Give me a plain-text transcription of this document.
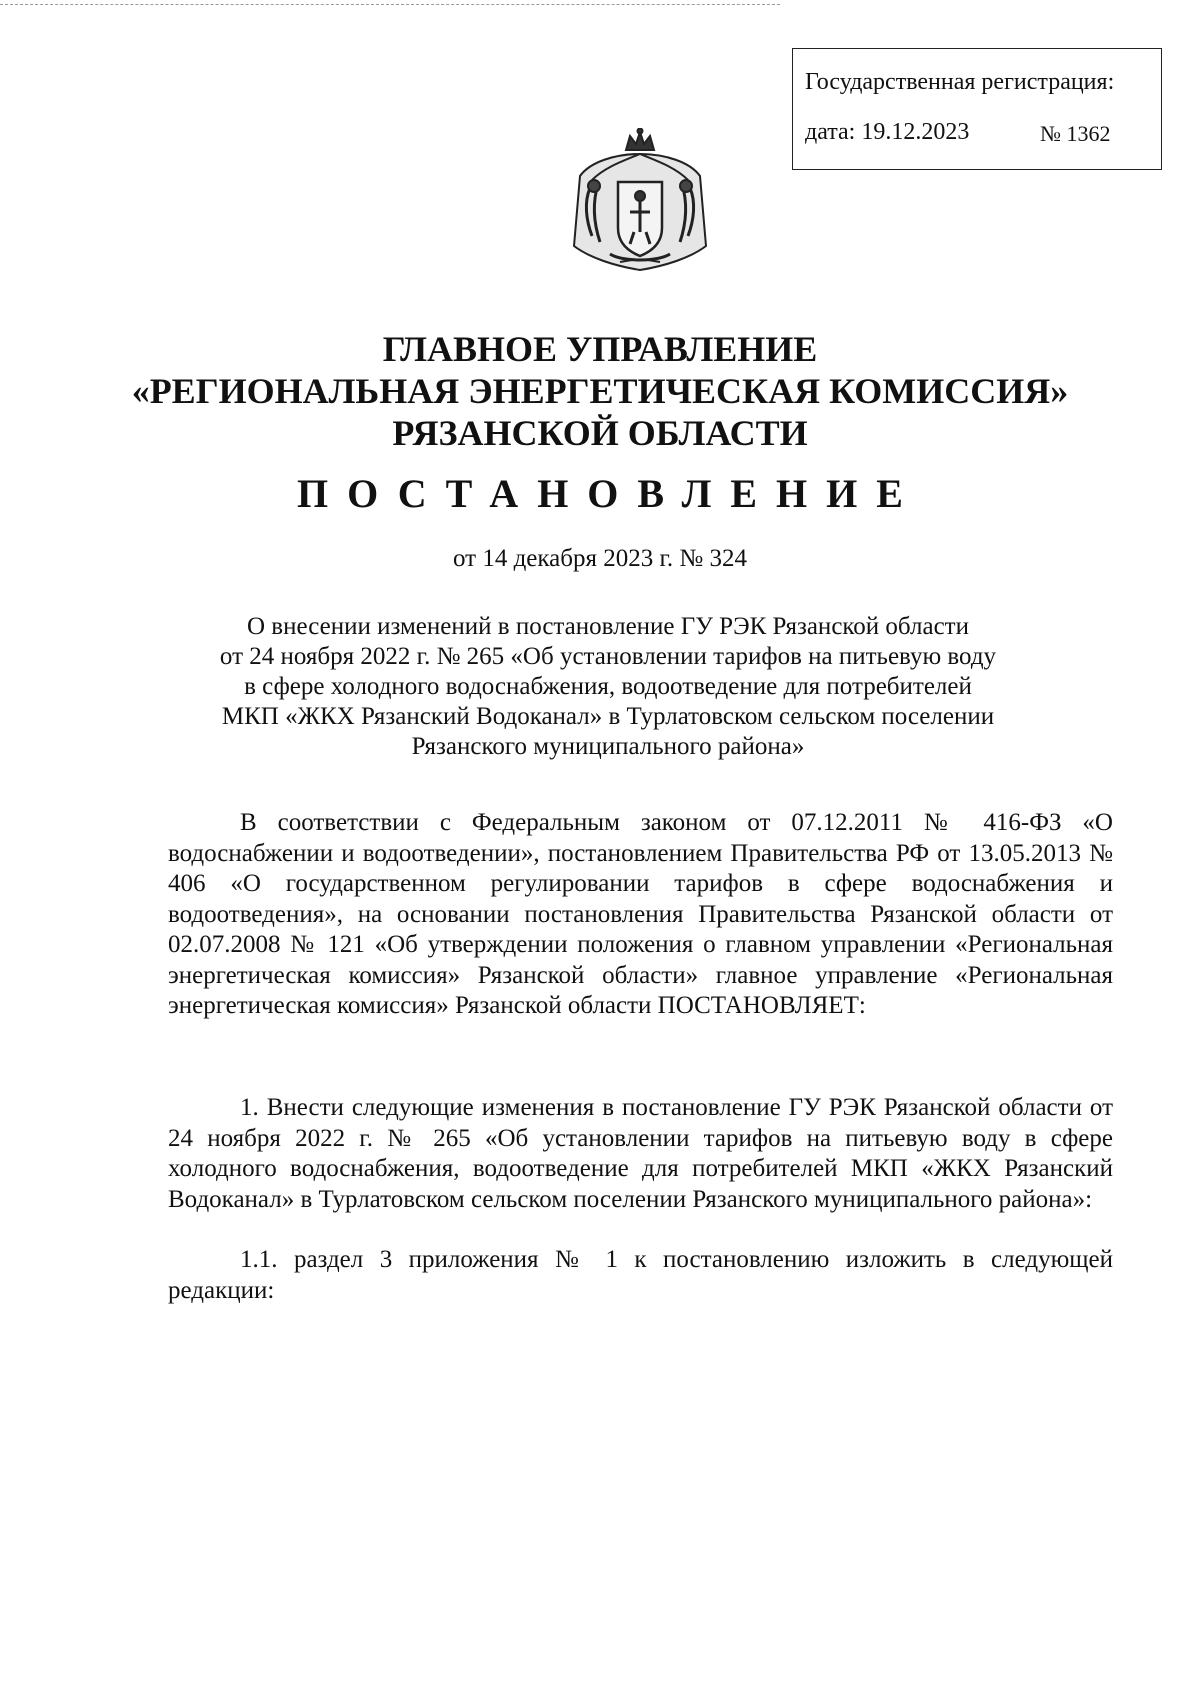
Государственная регистрация:
дата: 19.12.2023	№ 1362
ГЛАВНОЕ УПРАВЛЕНИЕ
«РЕГИОНАЛЬНАЯ ЭНЕРГЕТИЧЕСКАЯ КОМИССИЯ»
РЯЗАНСКОЙ ОБЛАСТИ
ПОСТАНОВЛЕНИЕ
от 14 декабря 2023 г. № 324
О внесении изменений в постановление ГУ РЭК Рязанской области
от 24 ноября 2022 г. № 265 «Об установлении тарифов на питьевую воду
в сфере холодного водоснабжения, водоотведение для потребителей
МКП «ЖКХ Рязанский Водоканал» в Турлатовском сельском поселении
Рязанского муниципального района»

В соответствии с Федеральным законом от 07.12.2011 № 416-ФЗ «О водоснабжении и водоотведении», постановлением Правительства РФ от 13.05.2013 № 406 «О государственном регулировании тарифов в сфере водоснабжения и водоотведения», на основании постановления Правительства Рязанской области от 02.07.2008 № 121 «Об утверждении положения о главном управлении «Региональная энергетическая комиссия» Рязанской области» главное управление «Региональная энергетическая комиссия» Рязанской области ПОСТАНОВЛЯЕТ:

1. Внести следующие изменения в постановление ГУ РЭК Рязанской области от 24 ноября 2022 г. № 265 «Об установлении тарифов на питьевую воду в сфере холодного водоснабжения, водоотведение для потребителей МКП «ЖКХ Рязанский Водоканал» в Турлатовском сельском поселении Рязанского муниципального района»:

1.1. раздел 3 приложения № 1 к постановлению изложить в следующей редакции:
